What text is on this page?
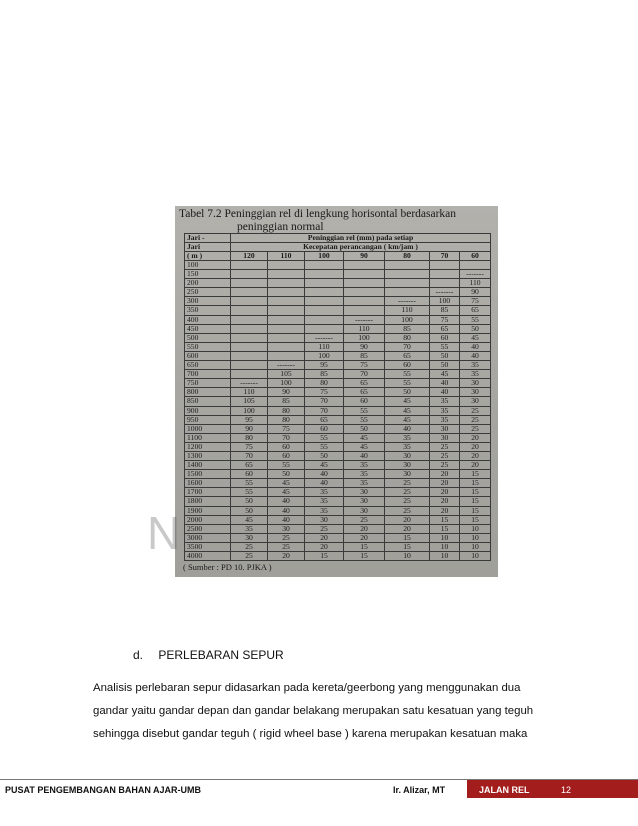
Tabel 7.2 Peninggian rel di lengkung horisontal berdasarkan
peninggian normal
N
Jari -	Peninggian rel (mm) pada setiap						
Jari	Kecepatan perancangan ( km/jam )						
( m )	120	110	100	90	80	70	60
100							
150							-------
200							110
250						-------	90
300					-------	100	75
350					110	85	65
400				-------	100	75	55
450				110	85	65	50
500			-------	100	80	60	45
550			110	90	70	55	40
600			100	85	65	50	40
650		-------	95	75	60	50	35
700		105	85	70	55	45	35
750	-------	100	80	65	55	40	30
800	110	90	75	65	50	40	30
850	105	85	70	60	45	35	30
900	100	80	70	55	45	35	25
950	95	80	65	55	45	35	25
1000	90	75	60	50	40	30	25
1100	80	70	55	45	35	30	20
1200	75	60	55	45	35	25	20
1300	70	60	50	40	30	25	20
1400	65	55	45	35	30	25	20
1500	60	50	40	35	30	20	15
1600	55	45	40	35	25	20	15
1700	55	45	35	30	25	20	15
1800	50	40	35	30	25	20	15
1900	50	40	35	30	25	20	15
2000	45	40	30	25	20	15	15
2500	35	30	25	20	20	15	10
3000	30	25	20	20	15	10	10
3500	25	25	20	15	15	10	10
4000	25	20	15	15	10	10	10
( Sumber : PD 10. PJKA )
d. PERLEBARAN SEPUR
Analisis perlebaran sepur didasarkan pada kereta/geerbong yang menggunakan dua
gandar yaitu gandar depan dan gandar belakang merupakan satu kesatuan yang teguh
sehingga disebut gandar teguh ( rigid wheel base ) karena merupakan kesatuan maka
PUSAT PENGEMBANGAN BAHAN AJAR-UMB	Ir. Alizar, MT	JALAN REL	12
